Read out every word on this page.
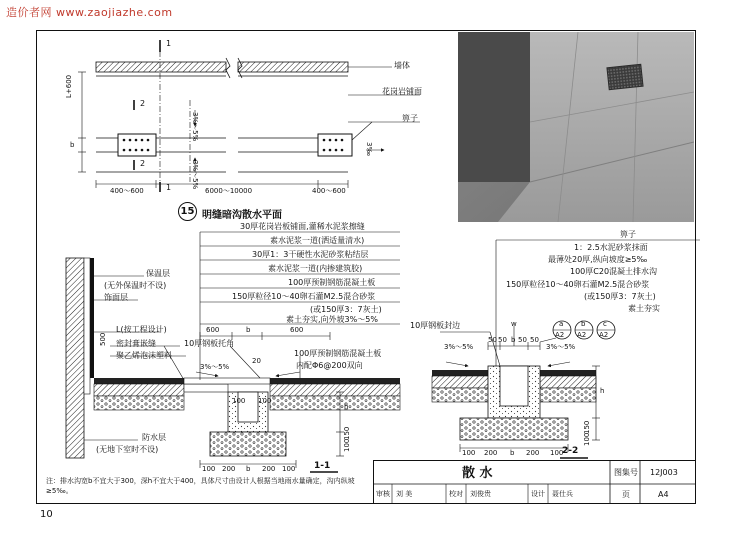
造价者网 www.zaojiazhe.com
墙体
花岗岩铺面
箅子
1
2
1
2
400～600	6000～10000	400～600
L+600
b
3%～5%
3%～5%
3‰
15 明缝暗沟散水平面
30厚花岗岩板铺面,灌稀水泥浆擦缝
素水泥浆一道(洒适量清水)
30厚1：3干硬性水泥砂浆粘结层
素水泥浆一道(内掺建筑胶)
100厚预制钢筋混凝土板
150厚粒径10～40卵石灌M2.5混合砂浆
(或150厚3：7灰土)
素土夯实,向外坡3%～5%
保温层
(无外保温时不设)
饰面层
L(按工程设计)	600	b	600
密封膏嵌缝	10厚钢板托角
聚乙烯泡沫塑料	100厚预制钢筋混凝土板
内配Φ6@200双向
500
20
3%～5%
100 100
h
150
100
防水层
(无地下室时不设)
100 200 b 200 100 1-1
箅子
1：2.5水泥砂浆抹面
最薄处20厚,纵向坡度≥5‰
100厚C20混凝土排水沟
150厚粒径10～40卵石灌M2.5混合砂浆
(或150厚3：7灰土)
素土夯实
10厚钢板封边	w
50 50 b 50 50
3%～5%	3%～5%
a
A2
b
A2
c
A2
h
150
100
100 200 b 200 100
2-2
注：排水沟宽b不宜大于300，深h不宜大于400，具体尺寸由设计人根据当地雨水量确定，沟内纵坡≥5‰。
散 水	图集号 12J003
审核 刘 美	校对 刘俊贵	设计 聂仕兵	页	A4
10
